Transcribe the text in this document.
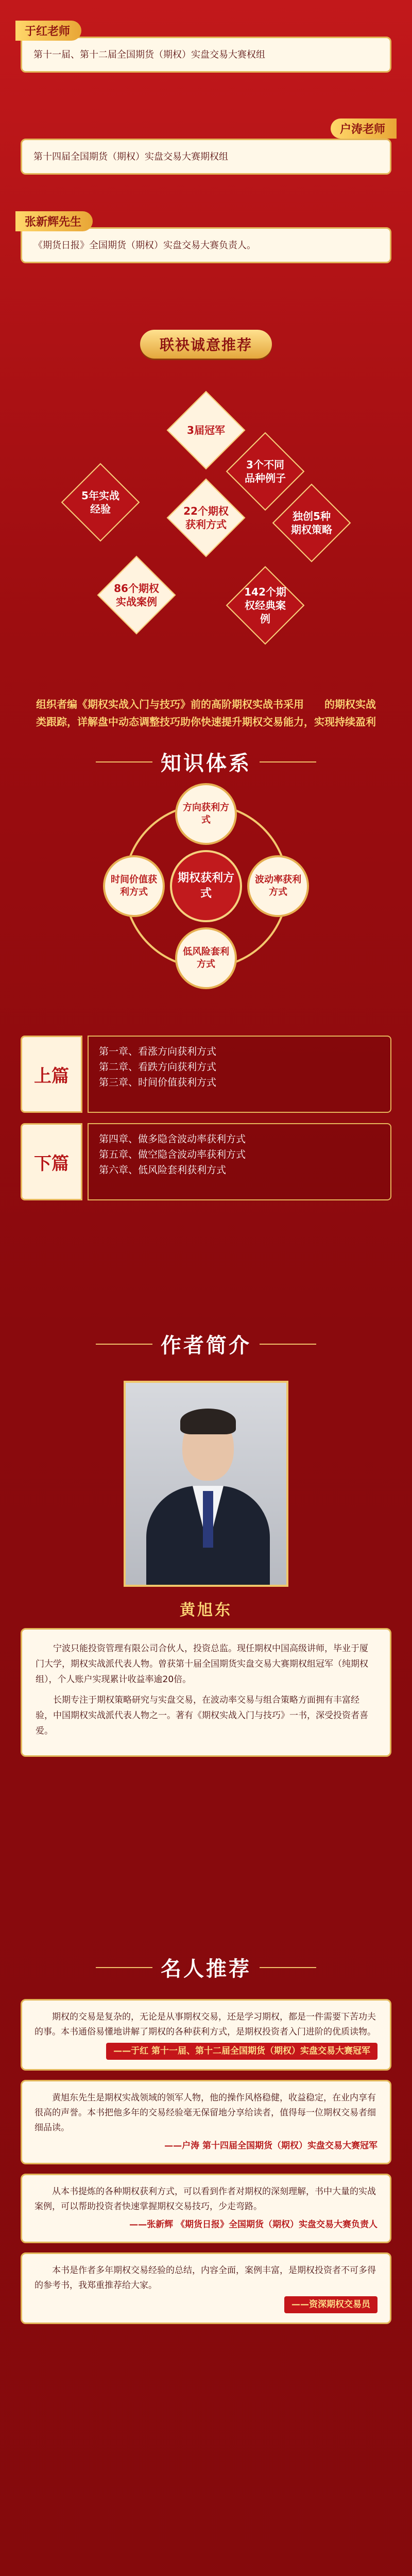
于红老师
第十一届、第十二届全国期货（期权）实盘交易大赛权组
户涛老师
第十四届全国期货（期权）实盘交易大赛期权组
张新辉先生
《期货日报》全国期货（期权）实盘交易大赛负责人。
联袂诚意推荐
3届冠军
3个不同品种例子
5年实战经验	22个期权获利方式
独创5种期权策略
86个期权实战案例
142个期权经典案例
组织者编《期权实战入门与技巧》前的高阶期权实战书采用　　的期权实战类跟踪，详解盘中动态调整技巧助你快速提升期权交易能力，实现持续盈利
知识体系
方向获利方式
波动率获利方式
低风险套利方式
时间价值获利方式
期权获利方式
上篇
第一章、看涨方向获利方式
第二章、看跌方向获利方式
第三章、时间价值获利方式
下篇
第四章、做多隐含波动率获利方式
第五章、做空隐含波动率获利方式
第六章、低风险套利获利方式
作者简介
黄旭东

宁波只能投资管理有限公司合伙人，投资总监。现任期权中国高级讲师，毕业于厦门大学，期权实战派代表人物。曾获第十届全国期货实盘交易大赛期权组冠军（纯期权组），个人账户实现累计收益率逾20倍。

长期专注于期权策略研究与实盘交易，在波动率交易与组合策略方面拥有丰富经验，中国期权实战派代表人物之一。著有《期权实战入门与技巧》一书，深受投资者喜爱。

名人推荐

期权的交易是复杂的，无论是从事期权交易，还是学习期权，都是一件需要下苦功夫的事。本书通俗易懂地讲解了期权的各种获利方式，是期权投资者入门进阶的优质读物。

——于红 第十一届、第十二届全国期货（期权）实盘交易大赛冠军

黄旭东先生是期权实战领域的领军人物，他的操作风格稳健，收益稳定，在业内享有很高的声誉。本书把他多年的交易经验毫无保留地分享给读者，值得每一位期权交易者细细品读。

——户涛 第十四届全国期货（期权）实盘交易大赛冠军

从本书提炼的各种期权获利方式，可以看到作者对期权的深刻理解，书中大量的实战案例，可以帮助投资者快速掌握期权交易技巧，少走弯路。

——张新辉 《期货日报》全国期货（期权）实盘交易大赛负责人

本书是作者多年期权交易经验的总结，内容全面，案例丰富，是期权投资者不可多得的参考书，我郑重推荐给大家。

——资深期权交易员
